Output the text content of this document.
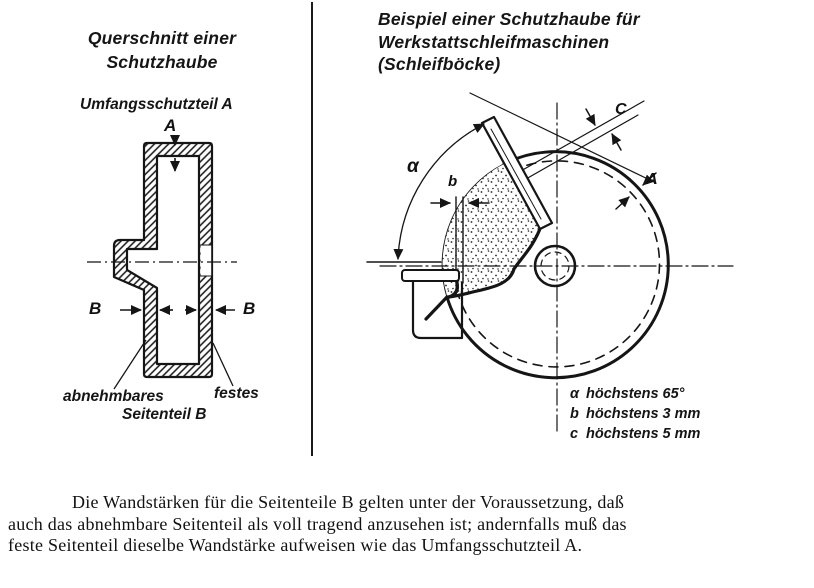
Querschnitt einer
Schutzhaube
Umfangsschutzteil A
A
B	B
abnehmbares	festes
Seitenteil B
Beispiel einer Schutzhaube für
Werkstattschleifmaschinen
(Schleifböcke)
α
b
C
A
α höchstens 65°
b höchstens 3 mm
c höchstens 5 mm
Die Wandstärken für die Seitenteile B gelten unter der Voraussetzung, daß
auch das abnehmbare Seitenteil als voll tragend anzusehen ist; andernfalls muß das
feste Seitenteil dieselbe Wandstärke aufweisen wie das Umfangsschutzteil A.
